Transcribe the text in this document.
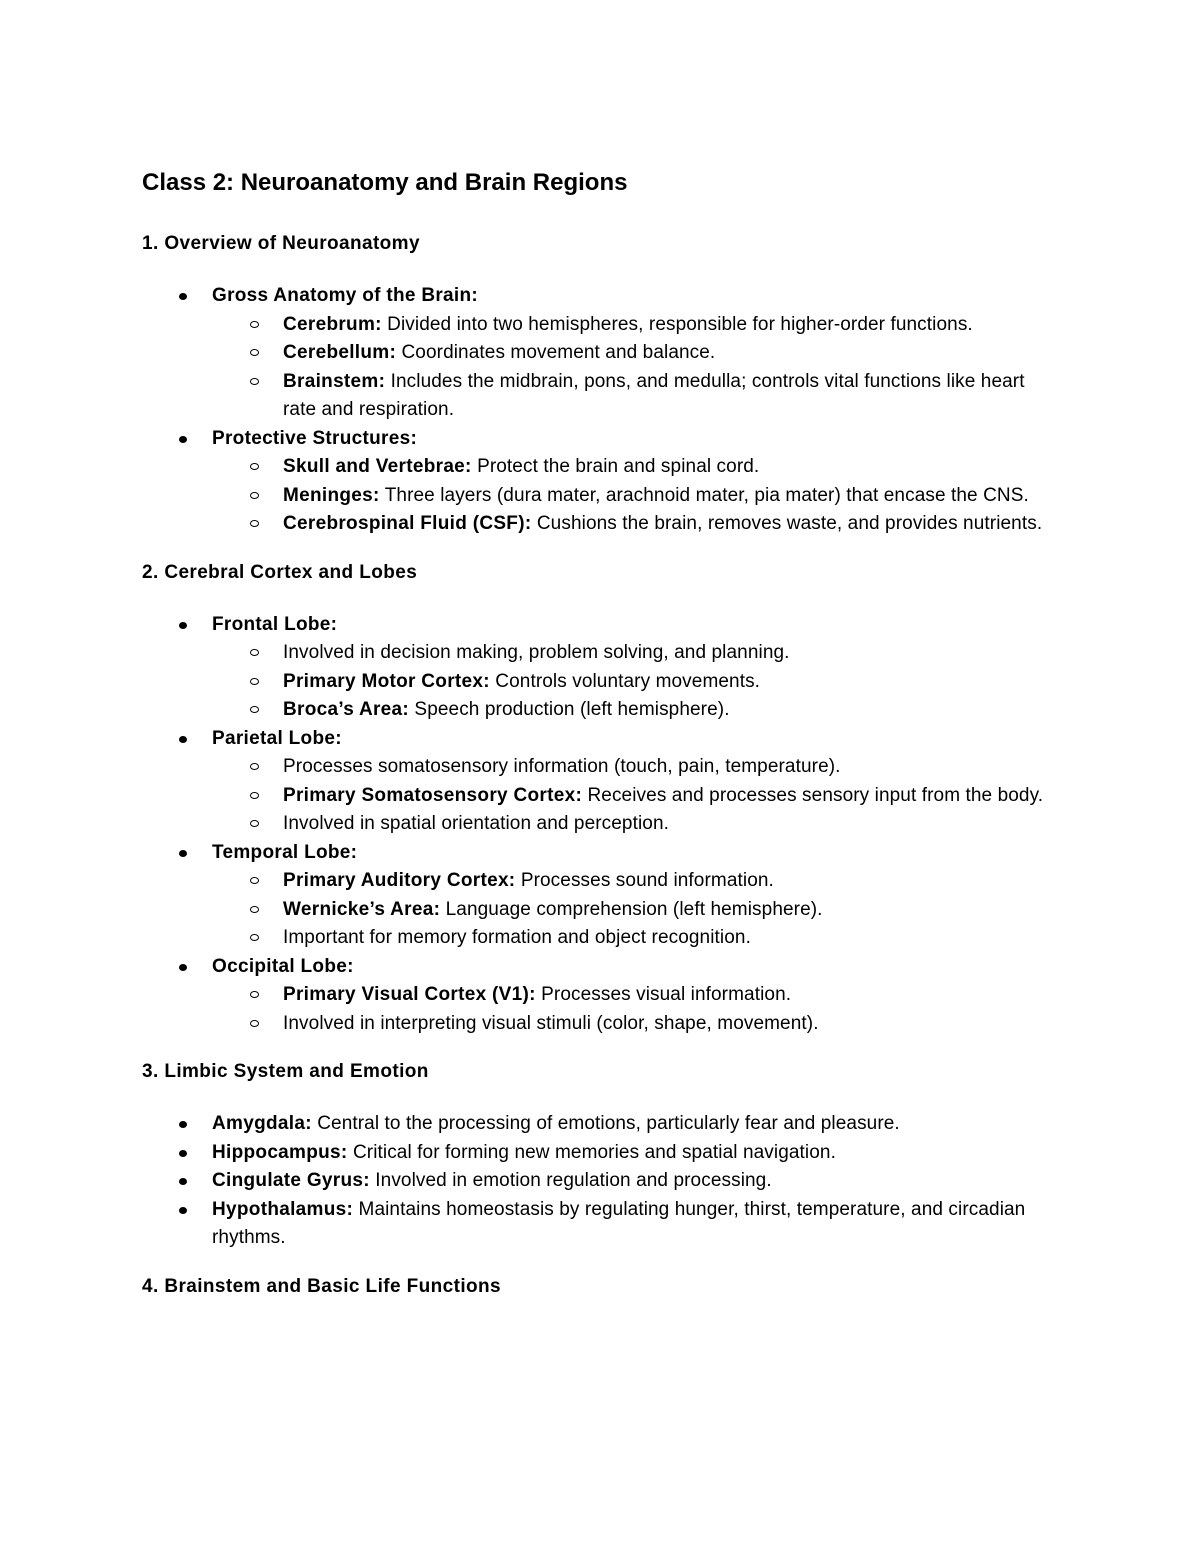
Class 2: Neuroanatomy and Brain Regions
1. Overview of Neuroanatomy
Gross Anatomy of the Brain:
Cerebrum: Divided into two hemispheres, responsible for higher-order functions.
Cerebellum: Coordinates movement and balance.
Brainstem: Includes the midbrain, pons, and medulla; controls vital functions like heart rate and respiration.
Protective Structures:
Skull and Vertebrae: Protect the brain and spinal cord.
Meninges: Three layers (dura mater, arachnoid mater, pia mater) that encase the CNS.
Cerebrospinal Fluid (CSF): Cushions the brain, removes waste, and provides nutrients.
2. Cerebral Cortex and Lobes
Frontal Lobe:
Involved in decision making, problem solving, and planning.
Primary Motor Cortex: Controls voluntary movements.
Broca’s Area: Speech production (left hemisphere).
Parietal Lobe:
Processes somatosensory information (touch, pain, temperature).
Primary Somatosensory Cortex: Receives and processes sensory input from the body.
Involved in spatial orientation and perception.
Temporal Lobe:
Primary Auditory Cortex: Processes sound information.
Wernicke’s Area: Language comprehension (left hemisphere).
Important for memory formation and object recognition.
Occipital Lobe:
Primary Visual Cortex (V1): Processes visual information.
Involved in interpreting visual stimuli (color, shape, movement).
3. Limbic System and Emotion
Amygdala: Central to the processing of emotions, particularly fear and pleasure.
Hippocampus: Critical for forming new memories and spatial navigation.
Cingulate Gyrus: Involved in emotion regulation and processing.
Hypothalamus: Maintains homeostasis by regulating hunger, thirst, temperature, and circadian rhythms.
4. Brainstem and Basic Life Functions
